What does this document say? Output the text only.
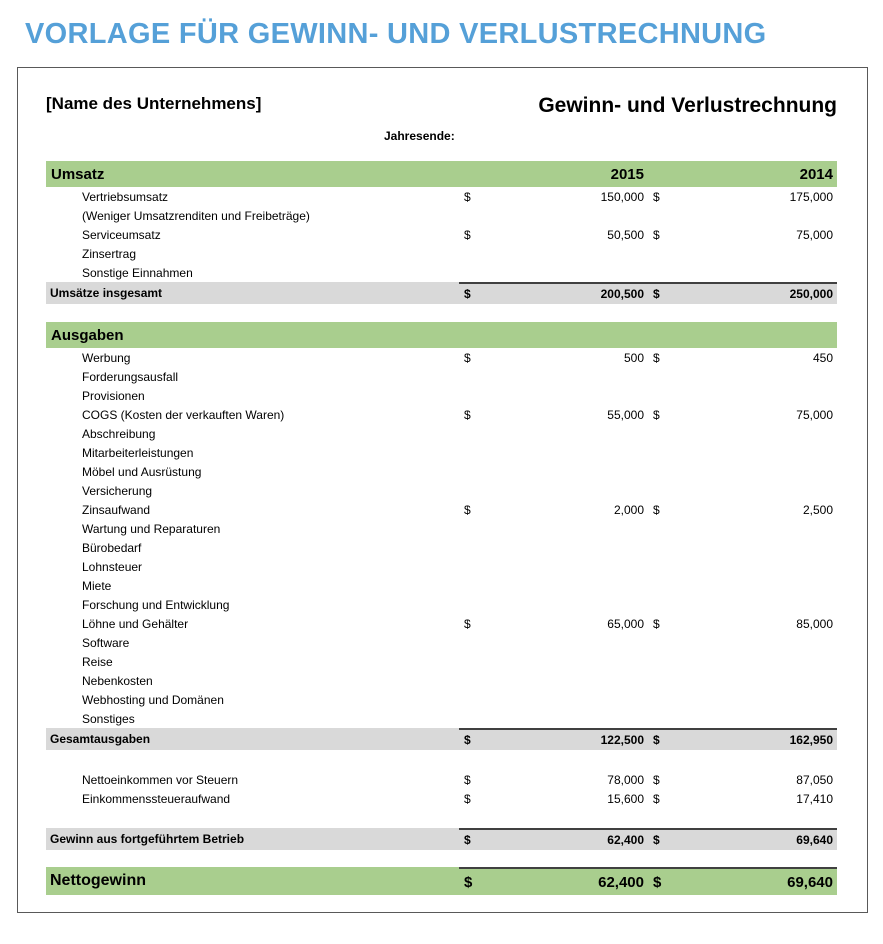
VORLAGE FÜR GEWINN- UND VERLUSTRECHNUNG
[Name des Unternehmens]	Gewinn- und Verlustrechnung
Jahresende:
Umsatz	2015	2014
Vertriebsumsatz	$	150,000 $	175,000
(Weniger Umsatzrenditen und Freibeträge)
Serviceumsatz	$	50,500 $	75,000
Zinsertrag
Sonstige Einnahmen
Umsätze insgesamt	$	200,500 $	250,000
Ausgaben
Werbung	$	500 $	450
Forderungsausfall
Provisionen
COGS (Kosten der verkauften Waren)	$	55,000 $	75,000
Abschreibung
Mitarbeiterleistungen
Möbel und Ausrüstung
Versicherung
Zinsaufwand	$	2,000 $	2,500
Wartung und Reparaturen
Bürobedarf
Lohnsteuer
Miete
Forschung und Entwicklung
Löhne und Gehälter	$	65,000 $	85,000
Software
Reise
Nebenkosten
Webhosting und Domänen
Sonstiges
Gesamtausgaben	$	122,500 $	162,950
Nettoeinkommen vor Steuern	$	78,000 $	87,050
Einkommenssteueraufwand	$	15,600 $	17,410
Gewinn aus fortgeführtem Betrieb	$	62,400 $	69,640
Nettogewinn	$	62,400 $	69,640
